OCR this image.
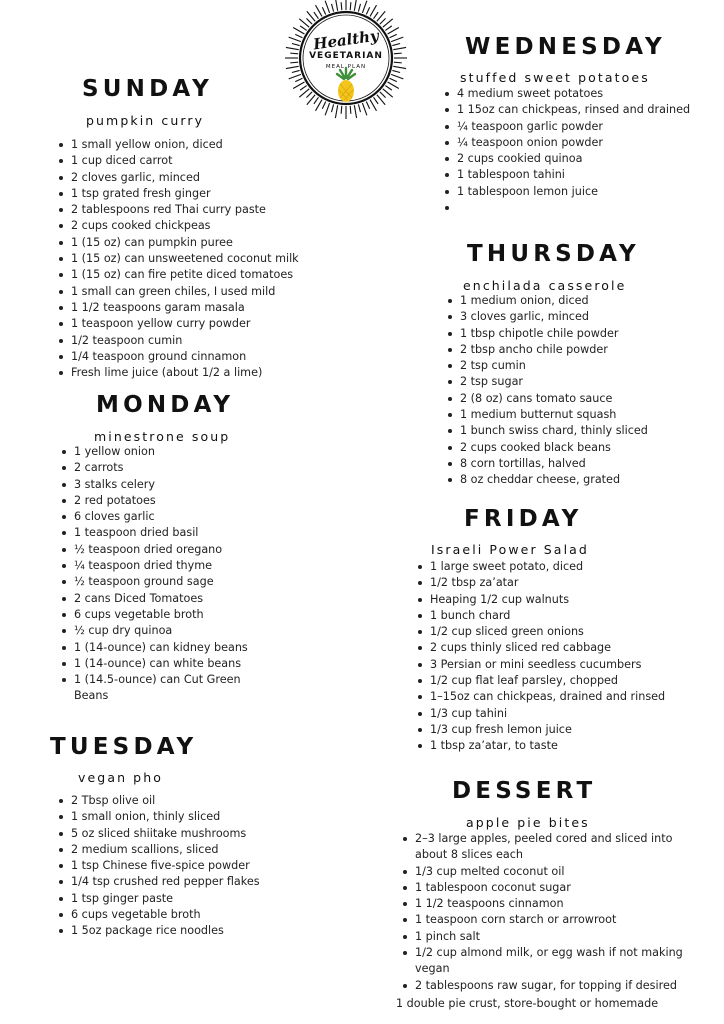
Healthy
VEGETARIAN
MEAL PLAN
SUNDAY
pumpkin curry
1 small yellow onion, diced
1 cup diced carrot
2 cloves garlic, minced
1 tsp grated fresh ginger
2 tablespoons red Thai curry paste
2 cups cooked chickpeas
1 (15 oz) can pumpkin puree
1 (15 oz) can unsweetened coconut milk
1 (15 oz) can fire petite diced tomatoes
1 small can green chiles, I used mild
1 1/2 teaspoons garam masala
1 teaspoon yellow curry powder
1/2 teaspoon cumin
1/4 teaspoon ground cinnamon
Fresh lime juice (about 1/2 a lime)
MONDAY
minestrone soup
1 yellow onion
2 carrots
3 stalks celery
2 red potatoes
6 cloves garlic
1 teaspoon dried basil
½ teaspoon dried oregano
¼ teaspoon dried thyme
½ teaspoon ground sage
2 cans Diced Tomatoes
6 cups vegetable broth
½ cup dry quinoa
1 (14-ounce) can kidney beans
1 (14-ounce) can white beans
1 (14.5-ounce) can Cut Green Beans
TUESDAY
vegan pho
2 Tbsp olive oil
1 small onion, thinly sliced
5 oz sliced shiitake mushrooms
2 medium scallions, sliced
1 tsp Chinese five-spice powder
1/4 tsp crushed red pepper flakes
1 tsp ginger paste
6 cups vegetable broth
1 5oz package rice noodles
WEDNESDAY
stuffed sweet potatoes
4 medium sweet potatoes
1 15oz can chickpeas, rinsed and drained
¼ teaspoon garlic powder
¼ teaspoon onion powder
2 cups cookied quinoa
1 tablespoon tahini
1 tablespoon lemon juice
THURSDAY
enchilada casserole
1 medium onion, diced
3 cloves garlic, minced
1 tbsp chipotle chile powder
2 tbsp ancho chile powder
2 tsp cumin
2 tsp sugar
2 (8 oz) cans tomato sauce
1 medium butternut squash
1 bunch swiss chard, thinly sliced
2 cups cooked black beans
8 corn tortillas, halved
8 oz cheddar cheese, grated
FRIDAY
Israeli Power Salad
1 large sweet potato, diced
1/2 tbsp za’atar
Heaping 1/2 cup walnuts
1 bunch chard
1/2 cup sliced green onions
2 cups thinly sliced red cabbage
3 Persian or mini seedless cucumbers
1/2 cup flat leaf parsley, chopped
1–15oz can chickpeas, drained and rinsed
1/3 cup tahini
1/3 cup fresh lemon juice
1 tbsp za’atar, to taste
DESSERT
apple pie bites
2–3 large apples, peeled cored and sliced into about 8 slices each
1/3 cup melted coconut oil
1 tablespoon coconut sugar
1 1/2 teaspoons cinnamon
1 teaspoon corn starch or arrowroot
1 pinch salt
1/2 cup almond milk, or egg wash if not making vegan
2 tablespoons raw sugar, for topping if desired
1 double pie crust, store-bought or homemade
